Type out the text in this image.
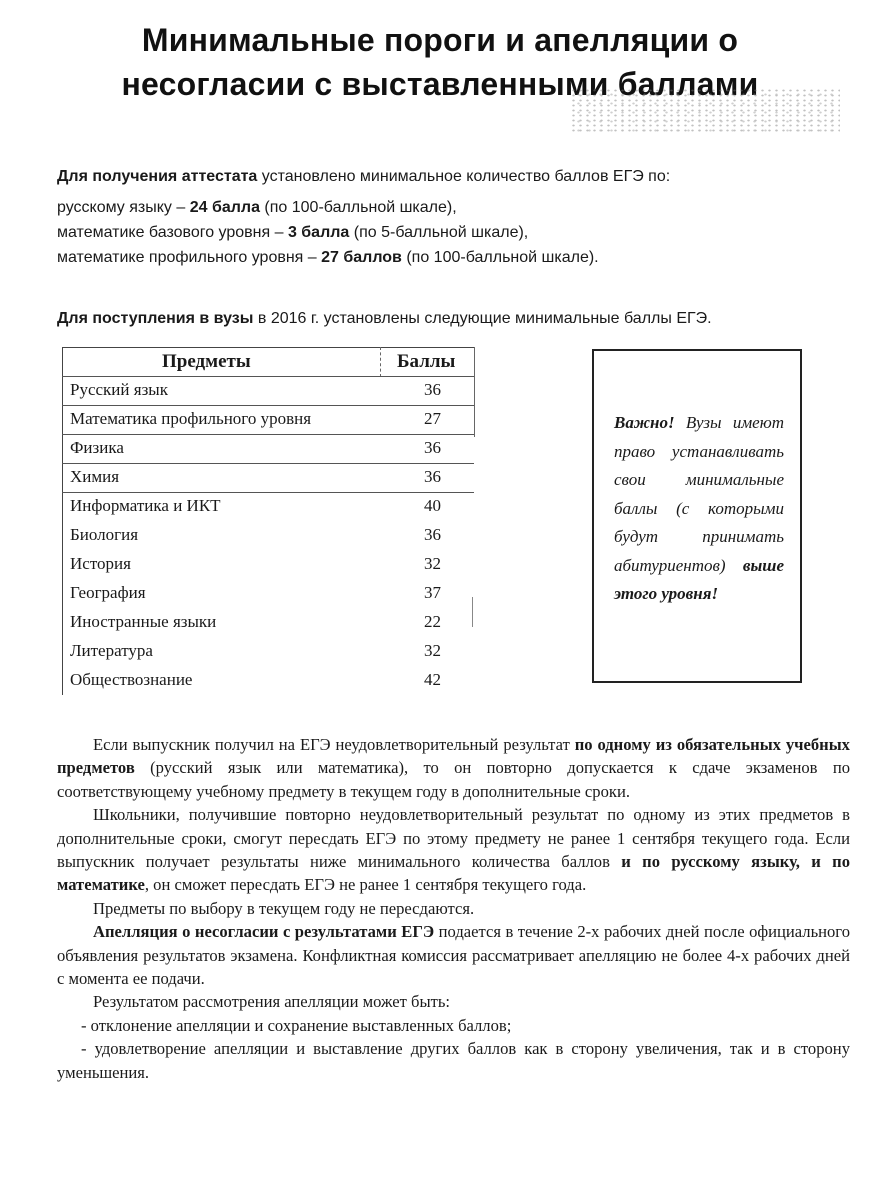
Минимальные пороги и апелляции о
несогласии с выставленными баллами
Для получения аттестата установлено минимальное количество баллов ЕГЭ по:
русскому языку – 24 балла (по 100-балльной шкале),
математике базового уровня – 3 балла (по 5-балльной шкале),
математике профильного уровня – 27 баллов (по 100-балльной шкале).
Для поступления в вузы в 2016 г. установлены следующие минимальные баллы ЕГЭ.
Предметы	Баллы
Русский язык	36
Математика профильного уровня	27
Физика	36
Химия	36
Информатика и ИКТ	40
Биология	36
История	32
География	37
Иностранные языки	22
Литература	32
Обществознание	42

Важно! Вузы имеют право устанавливать свои минимальные баллы (с которыми будут принимать абитуриентов) выше этого уровня!

Если выпускник получил на ЕГЭ неудовлетворительный результат по одному из обязательных учебных предметов (русский язык или математика), то он повторно допускается к сдаче экзаменов по соответствующему учебному предмету в текущем году в дополнительные сроки.

Школьники, получившие повторно неудовлетворительный результат по одному из этих предметов в дополнительные сроки, смогут пересдать ЕГЭ по этому предмету не ранее 1 сентября текущего года. Если выпускник получает результаты ниже минимального количества баллов и по русскому языку, и по математике, он сможет пересдать ЕГЭ не ранее 1 сентября текущего года.

Предметы по выбору в текущем году не пересдаются.

Апелляция о несогласии с результатами ЕГЭ подается в течение 2-х рабочих дней после официального объявления результатов экзамена. Конфликтная комиссия рассматривает апелляцию не более 4-х рабочих дней с момента ее подачи.

Результатом рассмотрения апелляции может быть:

- отклонение апелляции и сохранение выставленных баллов;

- удовлетворение апелляции и выставление других баллов как в сторону увеличения, так и в сторону уменьшения.
